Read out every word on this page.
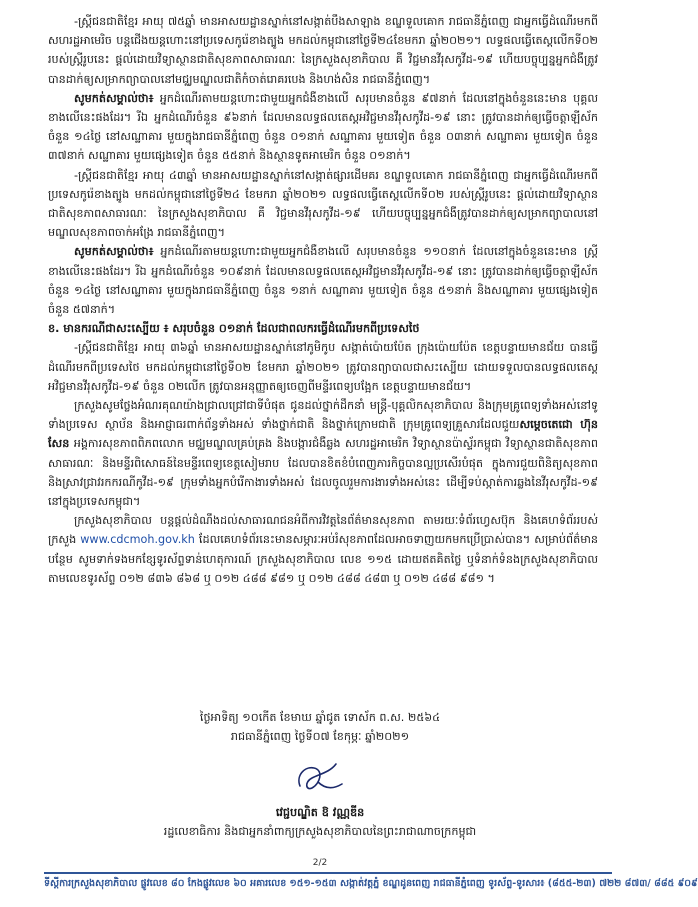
-ស្ត្រីជនជាតិខ្មែរ អាយុ ៧៥ឆ្នាំ មានអាសយដ្ឋានស្នាក់នៅសង្កាត់បឹងសាឡាង ខណ្ឌទួលគោក រាជធានីភ្នំពេញ ជាអ្នកធ្វើដំណើរមកពីសហរដ្ឋអាមេរិច បន្តជើងយន្តហោះនៅប្រទេសកូរ៉េខាងត្បូង មកដល់កម្ពុជានៅថ្ងៃទី២៤ខែមករា ឆ្នាំ២០២១។ លទ្ធផលធ្វើតេស្តលើកទី០២ របស់ស្ត្រីរូបនេះ ផ្តល់ដោយវិទ្យាស្ថានជាតិសុខភាពសាធារណៈ នៃក្រសួងសុខាភិបាល គឺ វិជ្ជមានវីរុសកូវីដ-១៩ ហើយបច្ចុប្បន្នអ្នកជំងឺត្រូវបានដាក់ឲ្យសម្រាកព្យាបាលនៅមជ្ឈមណ្ឌលជាតិកំចាត់រោគរបេង និងហង់សិន រាជធានីភ្នំពេញ។

សូមកត់សម្គាល់ថា៖ អ្នកដំណើរតាមយន្តហោះជាមួយអ្នកជំងឺខាងលើ សរុបមានចំនួន ៩៧នាក់ ដែលនៅក្នុងចំនួននេះមាន បុគ្គលខាងលើនេះផងដែរ។ រីឯ អ្នកដំណើរចំនួន ៩៦នាក់ ដែលមានលទ្ធផលតេស្តអវិជ្ជមានវីរុសកូវីដ-១៩ នោះ ត្រូវបានដាក់ឲ្យធ្វើចត្តាឡីស័កចំនួន ១៤ថ្ងៃ នៅសណ្ឋាគារ មួយក្នុងរាជធានីភ្នំពេញ ចំនួន ០១នាក់ សណ្ឋាគារ មួយទៀត ចំនួន ០៣នាក់ សណ្ឋាគារ មួយទៀត ចំនួន ៣៧នាក់ សណ្ឋាគារ មួយផ្សេងទៀត ចំនួន ៥៥នាក់ និងស្ថានទូតអាមេរិក ចំនួន ០១នាក់។

-ស្ត្រីជនជាតិខ្មែរ អាយុ ៤៣ឆ្នាំ មានអាសយដ្ឋានស្នាក់នៅសង្កាត់ផ្សារដើមគរ ខណ្ឌទួលគោក រាជធានីភ្នំពេញ ជាអ្នកធ្វើដំណើរមកពីប្រទេសកូរ៉េខាងត្បូង មកដល់កម្ពុជានៅថ្ងៃទី២៤ ខែមករា ឆ្នាំ២០២១ លទ្ធផលធ្វើតេស្តលើកទី០២ របស់ស្ត្រីរូបនេះ ផ្តល់ដោយវិទ្យាស្ថានជាតិសុខភាពសាធារណៈ នៃក្រសួងសុខាភិបាល គឺ វិជ្ជមានវីរុសកូវីដ-១៩ ហើយបច្ចុប្បន្នអ្នកជំងឺត្រូវបានដាក់ឲ្យសម្រាកព្យាបាលនៅមណ្ឌលសុខភាពចាក់អង្រែ រាជធានីភ្នំពេញ។

សូមកត់សម្គាល់ថា៖ អ្នកដំណើរតាមយន្តហោះជាមួយអ្នកជំងឺខាងលើ សរុបមានចំនួន ១១០នាក់ ដែលនៅក្នុងចំនួននេះមាន ស្ត្រីខាងលើនេះផងដែរ។ រីឯ អ្នកដំណើរចំនួន ១០៩នាក់ ដែលមានលទ្ធផលតេស្តអវិជ្ជមានវីរុសកូវីដ-១៩ នោះ ត្រូវបានដាក់ឲ្យធ្វើចត្តាឡីស័កចំនួន ១៤ថ្ងៃ នៅសណ្ឋាគារ មួយក្នុងរាជធានីភ្នំពេញ ចំនួន ១នាក់ សណ្ឋាគារ មួយទៀត ចំនួន ៥១នាក់ និងសណ្ឋាគារ មួយផ្សេងទៀត ចំនួន ៥៧នាក់។

ខ. មានករណីជាសះស្បើយ ៖ សរុបចំនួន ០១នាក់ ដែលជាពលករធ្វើដំណើរមកពីប្រទេសថៃ

-ស្ត្រីជនជាតិខ្មែរ អាយុ ៣៦ឆ្នាំ មានអាសយដ្ឋានស្នាក់នៅភូមិកូប សង្កាត់ប៉ោយប៉ែត ក្រុងប៉ោយប៉ែត ខេត្តបន្ទាយមានជ័យ បានធ្វើដំណើរមកពីប្រទេសថៃ មកដល់កម្ពុជានៅថ្ងៃទី០២ ខែមករា ឆ្នាំ២០២១ ត្រូវបានព្យាបាលជាសះស្បើយ ដោយទទួលបានលទ្ធផលតេស្ត អវិជ្ជមានវីរុសកូវីដ-១៩ ចំនួន ០២លើក ត្រូវបានអនុញ្ញាតឲ្យចេញពីមន្ទីរពេទ្យបង្អែក ខេត្តបន្ទាយមានជ័យ។

ក្រសួងសូមថ្លែងអំណរគុណយ៉ាងជ្រាលជ្រៅជាទីបំផុត ជូនដល់ថ្នាក់ដឹកនាំ មន្ត្រី-បុគ្គលិកសុខាភិបាល និងក្រុមគ្រូពេទ្យទាំងអស់នៅទូទាំងប្រទេស ស្ថាប័ន និងអាជ្ញាធរពាក់ព័ន្ធទាំងអស់ ទាំងថ្នាក់ជាតិ និងថ្នាក់ក្រោមជាតិ ក្រុមគ្រូពេទ្យគ្រួសារដែលជួយសម្តេចតេជោ ហ៊ុន សែន អង្គការសុខភាពពិភពលោក មជ្ឈមណ្ឌលគ្រប់គ្រង និងបង្ការជំងឺឆ្លង សហរដ្ឋអាមេរិក វិទ្យាស្ថានប៉ាស្ទ័រកម្ពុជា វិទ្យាស្ថានជាតិសុខភាពសាធារណៈ និងមន្ទីរពិសោធន៍នៃមន្ទីរពេទ្យខេត្តសៀមរាប ដែលបានខិតខំបំពេញភារកិច្ចបានល្អប្រសើរបំផុត ក្នុងការជួយពិនិត្យសុខភាព និងស្រាវជ្រាវរកករណីកូវីដ-១៩ ក្រុមទាំងអ្នកបំរើកាងារទាំងអស់ ដែលចូលរួមការងារទាំងអស់នេះ ដើម្បីទប់ស្កាត់ការឆ្លងនៃវីរុសកូវីដ-១៩ នៅក្នុងប្រទេសកម្ពុជា។

ក្រសួងសុខាភិបាល បន្តផ្តល់ដំណឹងដល់សាធារណជនអំពីការវិវត្តនៃព័ត៌មានសុខភាព តាមរយៈទំព័រហ្វេសប៊ុក និងគេហទំព័ររបស់ក្រសួង www.cdcmoh.gov.kh ដែលគេហទំព័រនេះមានសម្ភារៈអប់រំសុខភាពដែលអាចទាញយកមកប្រើប្រាស់បាន។ សម្រាប់ព័ត៌មានបន្ថែម សូមទាក់ទងមកខ្សែទូរស័ព្ទទាន់ហេតុការណ៍ ក្រសួងសុខាភិបាល លេខ ១១៥ ដោយឥតគិតថ្លៃ ឬទំនាក់ទំនងក្រសួងសុខាភិបាល តាមលេខទូរស័ព្ទ ០១២ ៨៣៦ ៨៦៨ ឬ ០១២ ៤៨៨ ៩៨១ ឬ ០១២ ៤៨៨ ៤៨៣ ឬ ០១២ ៤៨៨ ៩៨១ ។

ថ្ងៃអាទិត្យ ១០កើត ខែមាឃ ឆ្នាំជូត ទោស័ក ព.ស. ២៥៦៤
រាជធានីភ្នំពេញ ថ្ងៃទី០៧ ខែកុម្ភៈ ឆ្នាំ២០២១
វេជ្ជបណ្ឌិត ឱ វណ្ណឌីន
រដ្ឋលេខាធិការ និងជាអ្នកនាំពាក្យក្រសួងសុខាភិបាលនៃព្រះរាជាណាចក្រកម្ពុជា
2/2
ទីស្តីការក្រសួងសុខាភិបាល ផ្លូវលេខ ៨០ កែងផ្លូវលេខ ៦០ អគារលេខ ១៥១-១៥៣ សង្កាត់វត្តភ្នំ ខណ្ឌដូនពេញ រាជធានីភ្នំពេញ ទូរស័ព្ទ-ទូរសារ៖ (៨៥៥-២៣) ៧២២ ៨៧៣/ ៨៨៥ ៩០៩
